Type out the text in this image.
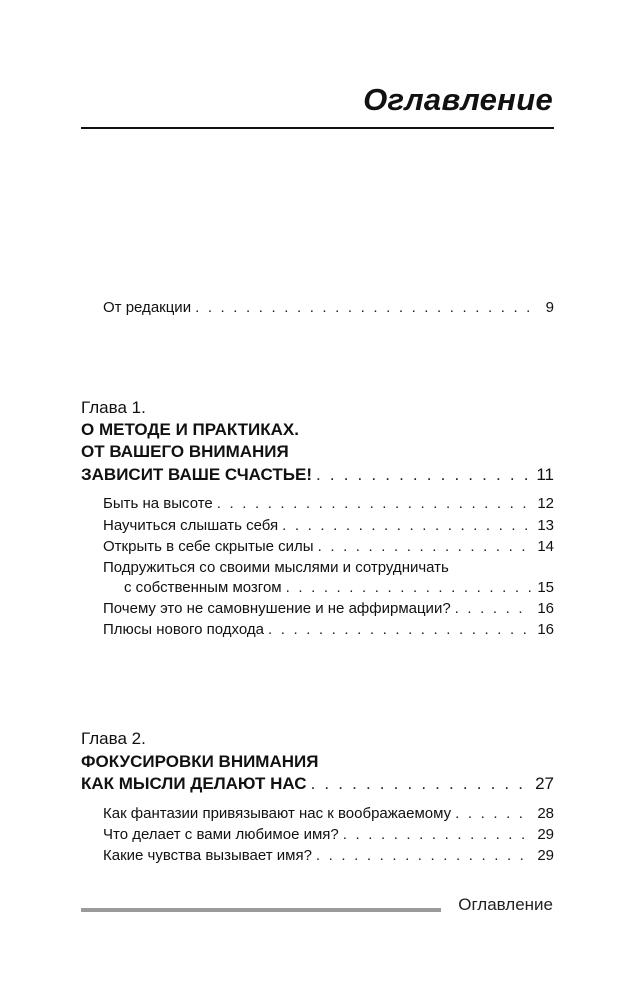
Оглавление
От редакции . . .	9
Глава 1.
О МЕТОДЕ И ПРАКТИКАХ.
ОТ ВАШЕГО ВНИМАНИЯ
ЗАВИСИТ ВАШЕ СЧАСТЬЕ! . . .	11
Быть на высоте . . .	12
Научиться слышать себя . . .	13
Открыть в себе скрытые силы . . .	14
Подружиться со своими мыслями и сотрудничать
с собственным мозгом . . .	15
Почему это не самовнушение и не аффирмации? . . .	16
Плюсы нового подхода . . .	16
Глава 2.
ФОКУСИРОВКИ ВНИМАНИЯ
КАК МЫСЛИ ДЕЛАЮТ НАС . . .	27
Как фантазии привязывают нас к воображаемому . . .	28
Что делает с вами любимое имя? . . .	29
Какие чувства вызывает имя? . . .	29
Оглавление
